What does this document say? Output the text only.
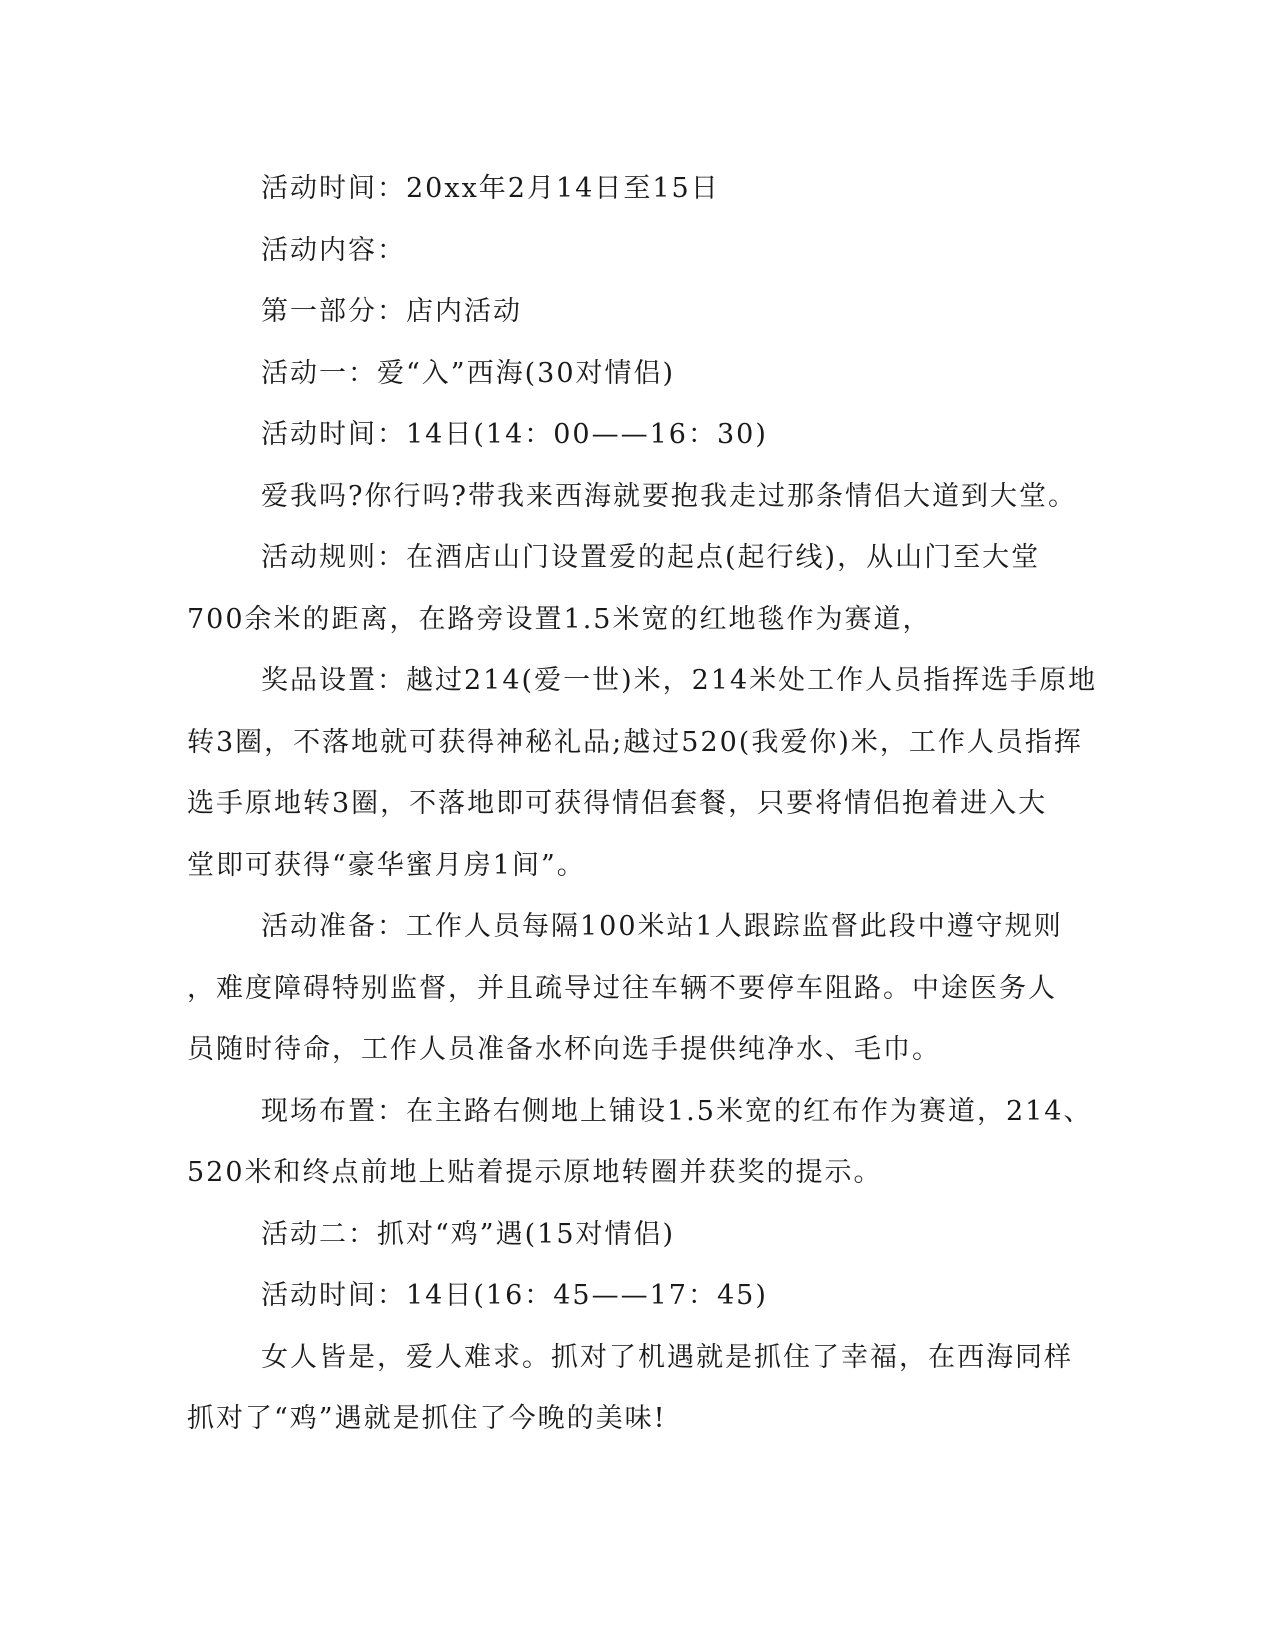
活动时间：20xx年2月14日至15日

活动内容：

第一部分：店内活动

活动一：爱“入”西海(30对情侣)

活动时间：14日(14：00——16：30)

爱我吗?你行吗?带我来西海就要抱我走过那条情侣大道到大堂。

活动规则：在酒店山门设置爱的起点(起行线)，从山门至大堂

700余米的距离，在路旁设置1.5米宽的红地毯作为赛道，

奖品设置：越过214(爱一世)米，214米处工作人员指挥选手原地

转3圈，不落地就可获得神秘礼品;越过520(我爱你)米，工作人员指挥

选手原地转3圈，不落地即可获得情侣套餐，只要将情侣抱着进入大

堂即可获得“豪华蜜月房1间”。

活动准备：工作人员每隔100米站1人跟踪监督此段中遵守规则

，难度障碍特别监督，并且疏导过往车辆不要停车阻路。中途医务人

员随时待命，工作人员准备水杯向选手提供纯净水、毛巾。

现场布置：在主路右侧地上铺设1.5米宽的红布作为赛道，214、

520米和终点前地上贴着提示原地转圈并获奖的提示。

活动二：抓对“鸡”遇(15对情侣)

活动时间：14日(16：45——17：45)

女人皆是，爱人难求。抓对了机遇就是抓住了幸福，在西海同样

抓对了“鸡”遇就是抓住了今晚的美味!
